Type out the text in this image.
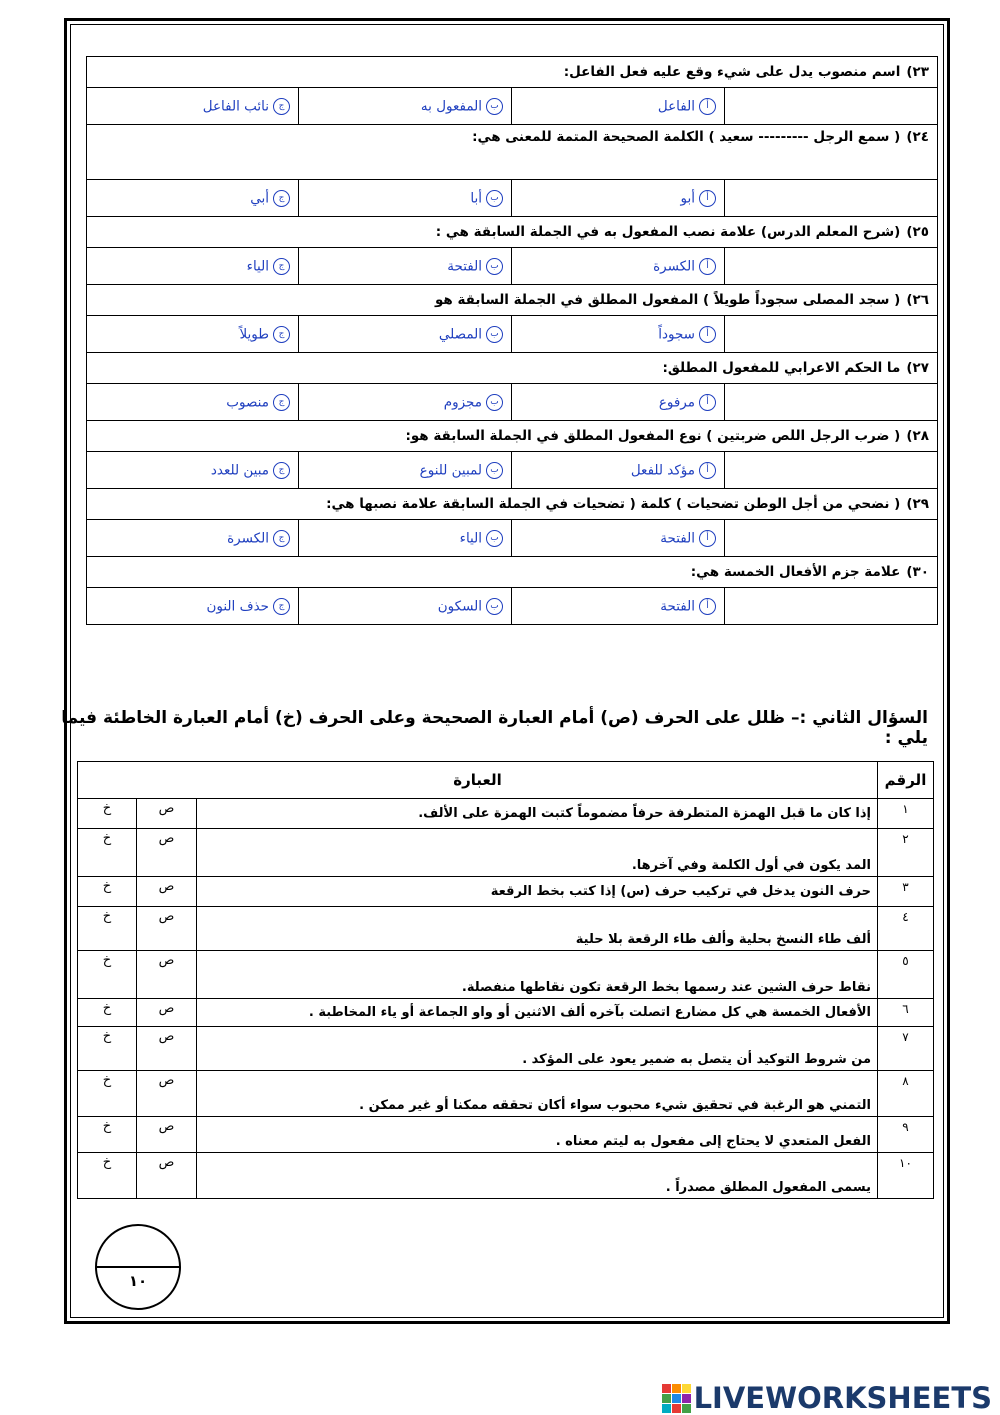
٢٣)اسم منصوب يدل على شيء وقع عليه فعل الفاعل:			
	أالفاعل	بالمفعول به	جنائب الفاعل
٢٤)( سمع الرجل --------- سعيد ) الكلمة الصحيحة المتمة للمعنى هي:			
	أأبو	بأبا	جأبي
٢٥)(شرح المعلم الدرس) علامة نصب المفعول به في الجملة السابقة هي :			
	أالكسرة	بالفتحة	جالياء
٢٦)( سجد المصلى سجوداً طويلاً ) المفعول المطلق في الجملة السابقة هو			
	أسجوداً	بالمصلي	جطويلاً
٢٧)ما الحكم الاعرابي للمفعول المطلق:			
	أمرفوع	بمجزوم	جمنصوب
٢٨)( ضرب الرجل اللص ضربتين ) نوع المفعول المطلق في الجملة السابقة هو:			
	أمؤكد للفعل	بلمبين للنوع	جمبين للعدد
٢٩)( نضحي من أجل الوطن تضحيات ) كلمة ( تضحيات في الجملة السابقة علامة نصبها هي:			
	أالفتحة	بالياء	جالكسرة
٣٠)علامة جزم الأفعال الخمسة هي:			
	أالفتحة	بالسكون	جحذف النون
السؤال الثاني :– ظلل على الحرف (ص) أمام العبارة الصحيحة وعلى الحرف (خ) أمام العبارة الخاطئة فيما يلي :
الرقم	العبارة		
١	إذا كان ما قبل الهمزة المتطرفة حرفاً مضموماً كتبت الهمزة على الألف.	ص	خ
٢	المد يكون في أول الكلمة وفي آخرها.	ص	خ
٣	حرف النون يدخل في تركيب حرف (س) إذا كتب بخط الرقعة	ص	خ
٤	ألف طاء النسخ بحلية وألف طاء الرقعة بلا حلية	ص	خ
٥	نقاط حرف الشين عند رسمها بخط الرقعة تكون نقاطها منفصلة.	ص	خ
٦	الأفعال الخمسة هي كل مضارع اتصلت بآخره ألف الاثنين أو واو الجماعة أو ياء المخاطبة .	ص	خ
٧	من شروط التوكيد أن يتصل به ضمير يعود على المؤكد .	ص	خ
٨	التمني هو الرغبة في تحقيق شيء محبوب سواء أكان تحققه ممكنا أو غير ممكن .	ص	خ
٩	الفعل المتعدي لا يحتاج إلى مفعول به ليتم معناه .	ص	خ
١٠	يسمى المفعول المطلق مصدراً .	ص	خ
١٠
LIVEWORKSHEETS
